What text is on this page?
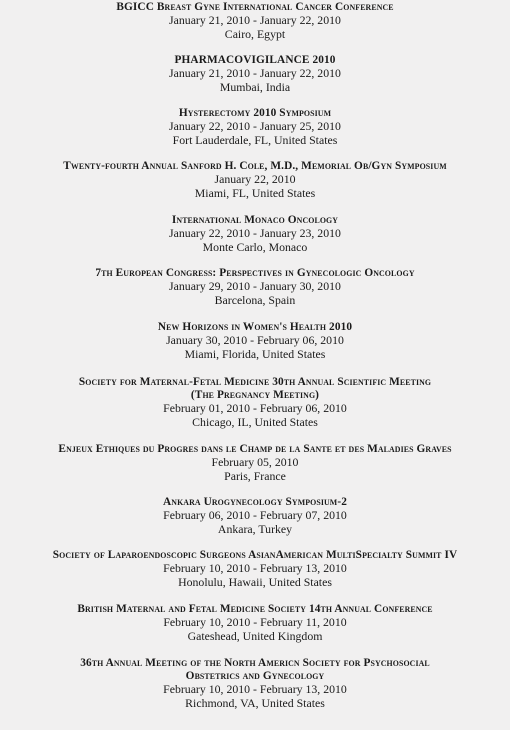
BGICC Breast Gyne International Cancer Conference
January 21, 2010 - January 22, 2010
Cairo, Egypt
PHARMACOVIGILANCE 2010
January 21, 2010 - January 22, 2010
Mumbai, India
Hysterectomy 2010 Symposium
January 22, 2010 - January 25, 2010
Fort Lauderdale, FL, United States
Twenty-fourth Annual Sanford H. Cole, M.D., Memorial Ob/Gyn Symposium
January 22, 2010
Miami, FL, United States
International Monaco Oncology
January 22, 2010 - January 23, 2010
Monte Carlo, Monaco
7th European Congress: Perspectives in Gynecologic Oncology
January 29, 2010 - January 30, 2010
Barcelona, Spain
New Horizons in Women's Health 2010
January 30, 2010 - February 06, 2010
Miami, Florida, United States
Society for Maternal-Fetal Medicine 30th Annual Scientific Meeting
(The Pregnancy Meeting)
February 01, 2010 - February 06, 2010
Chicago, IL, United States
Enjeux Ethiques du Progres dans le Champ de la Sante et des Maladies Graves
February 05, 2010
Paris, France
Ankara Urogynecology Symposium-2
February 06, 2010 - February 07, 2010
Ankara, Turkey
Society of Laparoendoscopic Surgeons AsianAmerican MultiSpecialty Summit IV
February 10, 2010 - February 13, 2010
Honolulu, Hawaii, United States
British Maternal and Fetal Medicine Society 14th Annual Conference
February 10, 2010 - February 11, 2010
Gateshead, United Kingdom
36th Annual Meeting of the North Americn Society for Psychosocial
Obstetrics and Gynecology
February 10, 2010 - February 13, 2010
Richmond, VA, United States
